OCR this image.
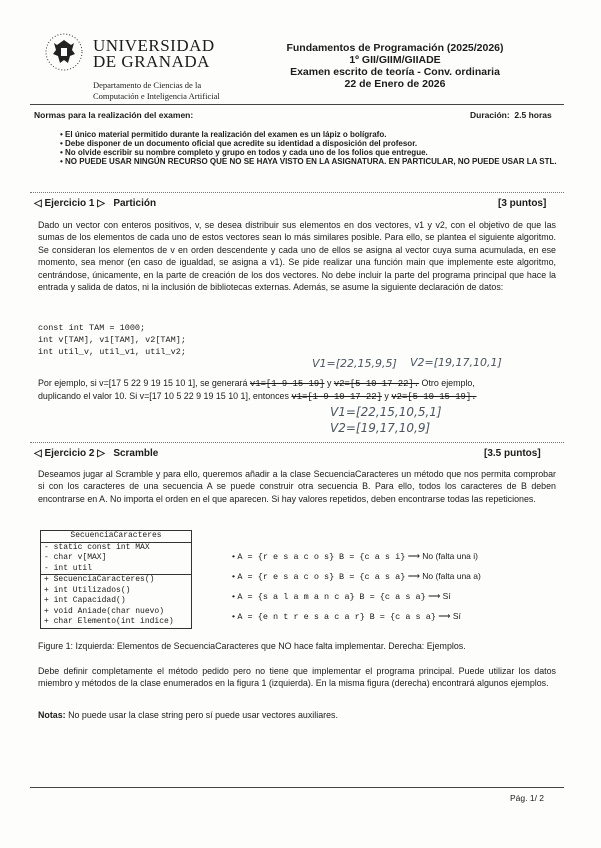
UNIVERSIDAD
DE GRANADA
Departamento de Ciencias de la
Computación e Inteligencia Artificial
Fundamentos de Programación (2025/2026)
1º GII/GIIM/GIIADE
Examen escrito de teoría - Conv. ordinaria
22 de Enero de 2026
Normas para la realización del examen:	Duración: 2.5 horas
• El único material permitido durante la realización del examen es un lápiz o bolígrafo.
• Debe disponer de un documento oficial que acredite su identidad a disposición del profesor.
• No olvide escribir su nombre completo y grupo en todos y cada uno de los folios que entregue.
• NO PUEDE USAR NINGÚN RECURSO QUE NO SE HAYA VISTO EN LA ASIGNATURA. EN PARTICULAR, NO PUEDE USAR LA STL.
◁ Ejercicio 1 ▷   Partición	[3 puntos]

Dado un vector con enteros positivos, v, se desea distribuir sus elementos en dos vectores, v1 y v2, con el objetivo de que las sumas de los elementos de cada uno de estos vectores sean lo más similares posible. Para ello, se plantea el siguiente algoritmo. Se consideran los elementos de v en orden descendente y cada uno de ellos se asigna al vector cuya suma acumulada, en ese momento, sea menor (en caso de igualdad, se asigna a v1). Se pide realizar una función main que implemente este algoritmo, centrándose, únicamente, en la parte de creación de los dos vectores. No debe incluir la parte del programa principal que hace la entrada y salida de datos, ni la inclusión de bibliotecas externas. Además, se asume la siguiente declaración de datos:

const int TAM = 1000;
int v[TAM], v1[TAM], v2[TAM];
int util_v, util_v1, util_v2;
V1=[22,15,9,5] V2=[19,17,10,1]
Por ejemplo, si v=[17 5 22 9 19 15 10 1], se generará v1=[1 9 15 19] y v2=[5 10 17 22]. Otro ejemplo,
duplicando el valor 10. Si v=[17 10 5 22 9 19 15 10 1], entonces v1=[1 9 10 17 22] y v2=[5 10 15 19].
V1=[22,15,10,5,1]
V2=[19,17,10,9]
◁ Ejercicio 2 ▷   Scramble	[3.5 puntos]

Deseamos jugar al Scramble y para ello, queremos añadir a la clase SecuenciaCaracteres un método que nos permita comprobar si con los caracteres de una secuencia A se puede construir otra secuencia B. Para ello, todos los caracteres de B deben encontrarse en A. No importa el orden en el que aparecen. Si hay valores repetidos, deben encontrarse todas las repeticiones.

SecuenciaCaracteres
- static const int MAX
- char v[MAX]
- int util
+ SecuenciaCaracteres()
+ int Utilizados()
+ int Capacidad()
+ void Aniade(char nuevo)
+ char Elemento(int indice)
• A = {r e s a c o s} B = {c a s i} ⟶ No (falta una i)
• A = {r e s a c o s} B = {c a s a} ⟶ No (falta una a)
• A = {s a l a m a n c a} B = {c a s a} ⟶ Sí
• A = {e n t r e s a c a r} B = {c a s a} ⟶ Sí

Figure 1: Izquierda: Elementos de SecuenciaCaracteres que NO hace falta implementar. Derecha: Ejemplos.

Debe definir completamente el método pedido pero no tiene que implementar el programa principal. Puede utilizar los datos miembro y métodos de la clase enumerados en la figura 1 (izquierda). En la misma figura (derecha) encontrará algunos ejemplos.

Notas: No puede usar la clase string pero sí puede usar vectores auxiliares.
Pág. 1/ 2
